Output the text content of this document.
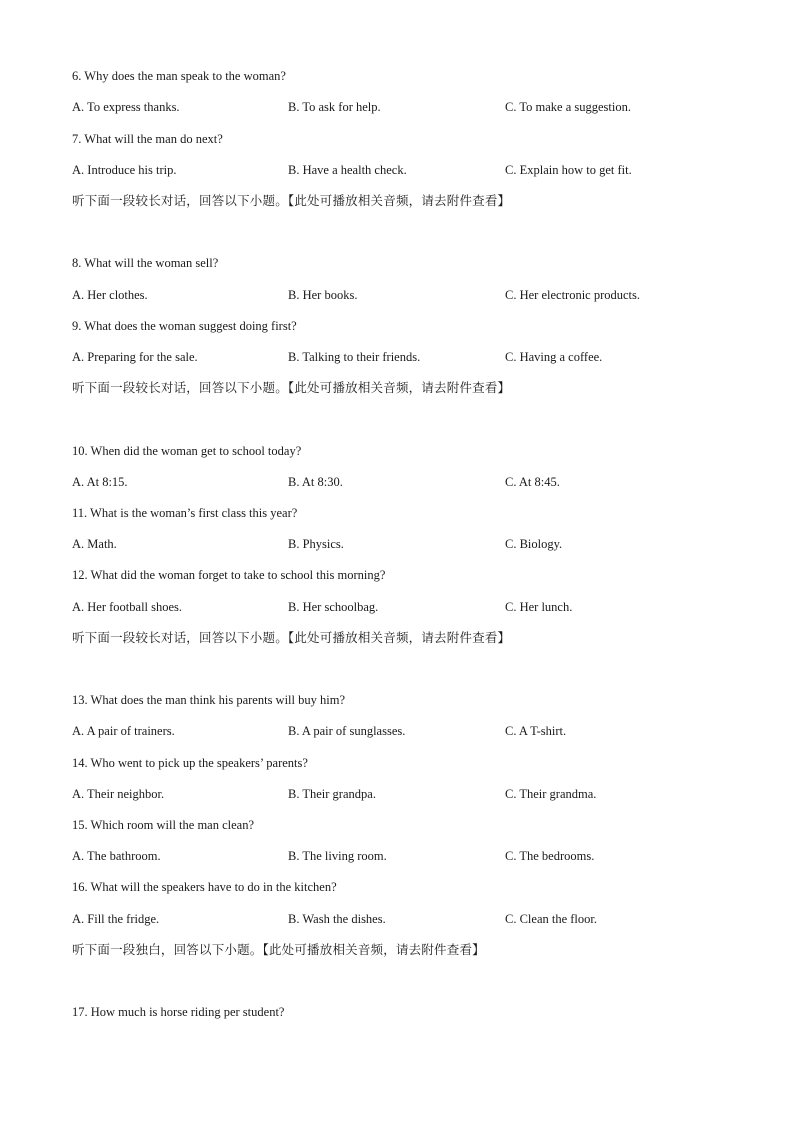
6. Why does the man speak to the woman?
A. To express thanks.	B. To ask for help.	C. To make a suggestion.
7. What will the man do next?
A. Introduce his trip.	B. Have a health check.	C. Explain how to get fit.
听下面一段较长对话，回答以下小题。【此处可播放相关音频，请去附件查看】
8. What will the woman sell?
A. Her clothes.	B. Her books.	C. Her electronic products.
9. What does the woman suggest doing first?
A. Preparing for the sale.	B. Talking to their friends.	C. Having a coffee.
听下面一段较长对话，回答以下小题。【此处可播放相关音频，请去附件查看】
10. When did the woman get to school today?
A. At 8:15.	B. At 8:30.	C. At 8:45.
11. What is the woman’s first class this year?
A. Math.	B. Physics.	C. Biology.
12. What did the woman forget to take to school this morning?
A. Her football shoes.	B. Her schoolbag.	C. Her lunch.
听下面一段较长对话，回答以下小题。【此处可播放相关音频，请去附件查看】
13. What does the man think his parents will buy him?
A. A pair of trainers.	B. A pair of sunglasses.	C. A T-shirt.
14. Who went to pick up the speakers’ parents?
A. Their neighbor.	B. Their grandpa.	C. Their grandma.
15. Which room will the man clean?
A. The bathroom.	B. The living room.	C. The bedrooms.
16. What will the speakers have to do in the kitchen?
A. Fill the fridge.	B. Wash the dishes.	C. Clean the floor.
听下面一段独白，回答以下小题。【此处可播放相关音频，请去附件查看】
17. How much is horse riding per student?
